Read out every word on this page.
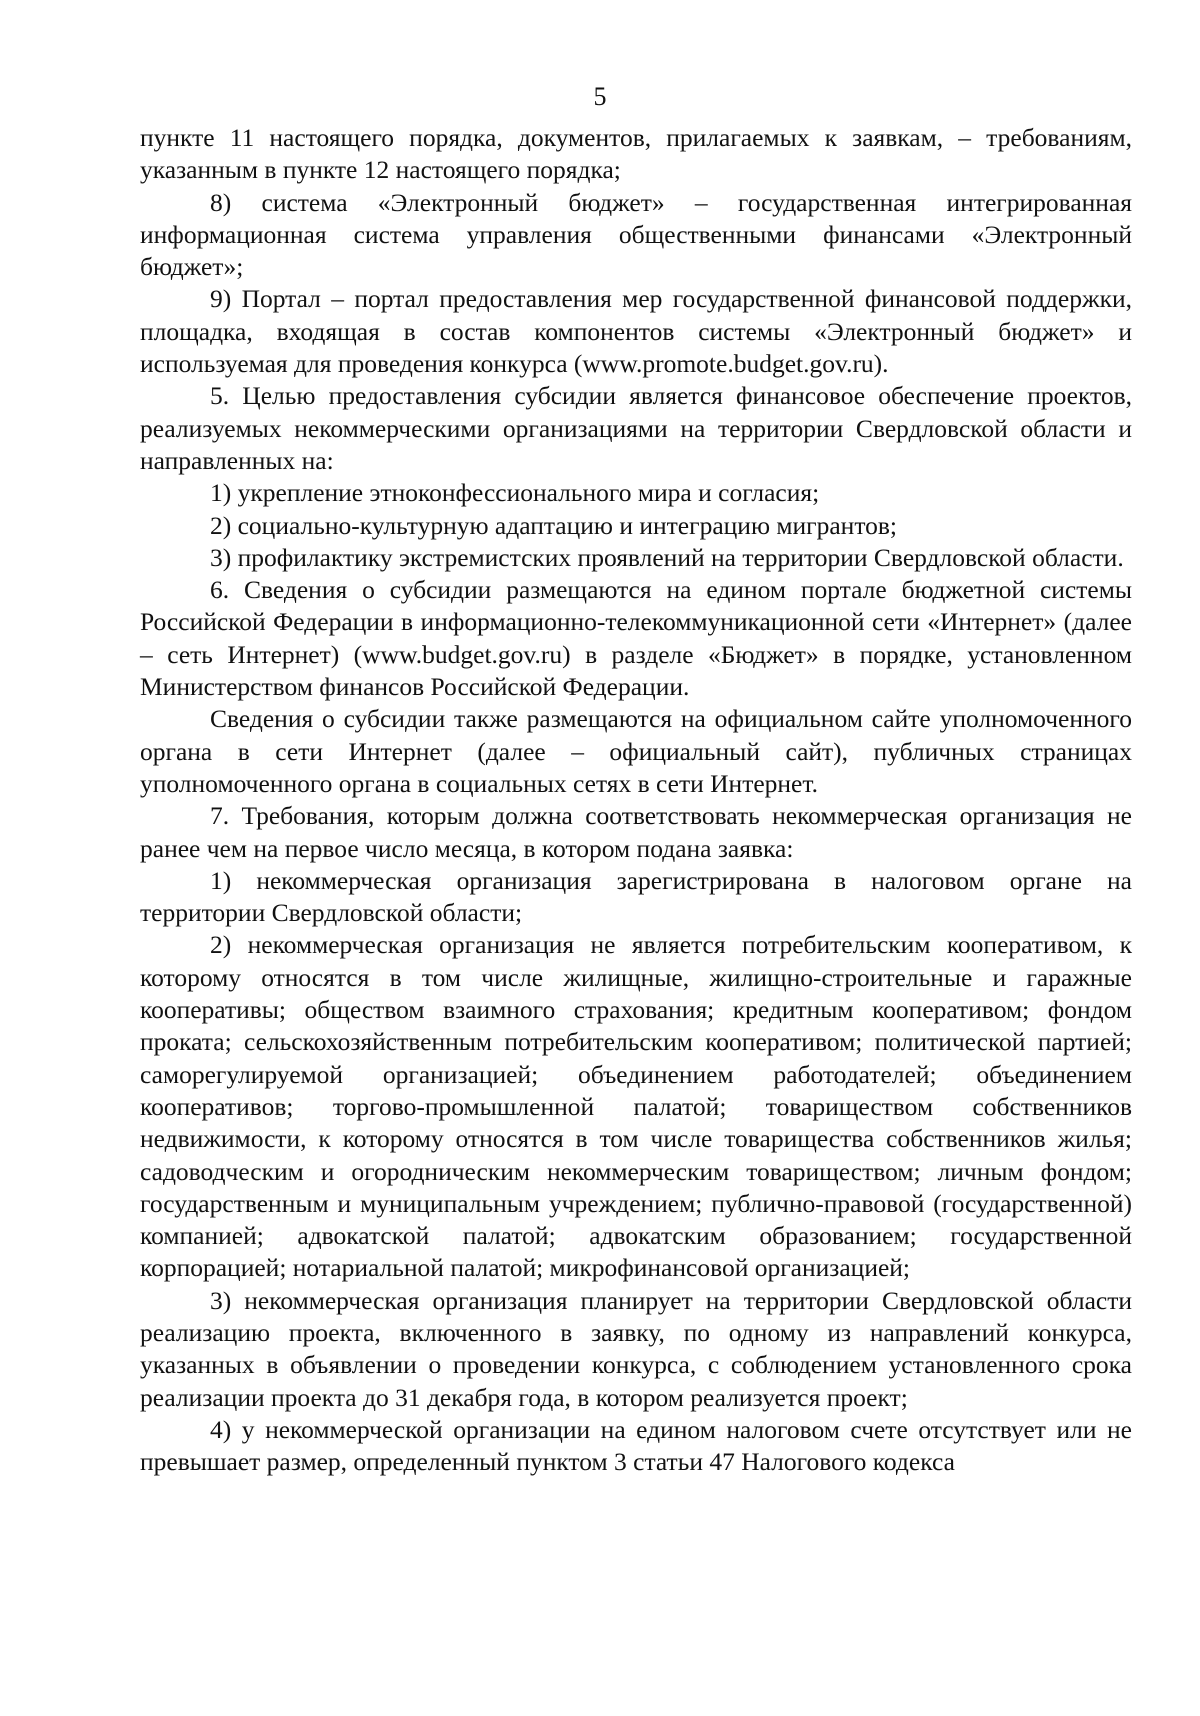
5

пункте 11 настоящего порядка, документов, прилагаемых к заявкам, – требованиям, указанным в пункте 12 настоящего порядка;

8) система «Электронный бюджет» – государственная интегрированная информационная система управления общественными финансами «Электронный бюджет»;

9) Портал – портал предоставления мер государственной финансовой поддержки, площадка, входящая в состав компонентов системы «Электронный бюджет» и используемая для проведения конкурса (www.promote.budget.gov.ru).

5. Целью предоставления субсидии является финансовое обеспечение проектов, реализуемых некоммерческими организациями на территории Свердловской области и направленных на:

1) укрепление этноконфессионального мира и согласия;

2) социально-культурную адаптацию и интеграцию мигрантов;

3) профилактику экстремистских проявлений на территории Свердловской области.

6. Сведения о субсидии размещаются на едином портале бюджетной системы Российской Федерации в информационно-телекоммуникационной сети «Интернет» (далее – сеть Интернет) (www.budget.gov.ru) в разделе «Бюджет» в порядке, установленном Министерством финансов Российской Федерации.

Сведения о субсидии также размещаются на официальном сайте уполномоченного органа в сети Интернет (далее – официальный сайт), публичных страницах уполномоченного органа в социальных сетях в сети Интернет.

7. Требования, которым должна соответствовать некоммерческая организация не ранее чем на первое число месяца, в котором подана заявка:

1) некоммерческая организация зарегистрирована в налоговом органе на территории Свердловской области;

2) некоммерческая организация не является потребительским кооперативом, к которому относятся в том числе жилищные, жилищно-строительные и гаражные кооперативы; обществом взаимного страхования; кредитным кооперативом; фондом проката; сельскохозяйственным потребительским кооперативом; политической партией; саморегулируемой организацией; объединением работодателей; объединением кооперативов; торгово-промышленной палатой; товариществом собственников недвижимости, к которому относятся в том числе товарищества собственников жилья; садоводческим и огородническим некоммерческим товариществом; личным фондом; государственным и муниципальным учреждением; публично-правовой (государственной) компанией; адвокатской палатой; адвокатским образованием; государственной корпорацией; нотариальной палатой; микрофинансовой организацией;

3) некоммерческая организация планирует на территории Свердловской области реализацию проекта, включенного в заявку, по одному из направлений конкурса, указанных в объявлении о проведении конкурса, с соблюдением установленного срока реализации проекта до 31 декабря года, в котором реализуется проект;

4) у некоммерческой организации на едином налоговом счете отсутствует или не превышает размер, определенный пунктом 3 статьи 47 Налогового кодекса
